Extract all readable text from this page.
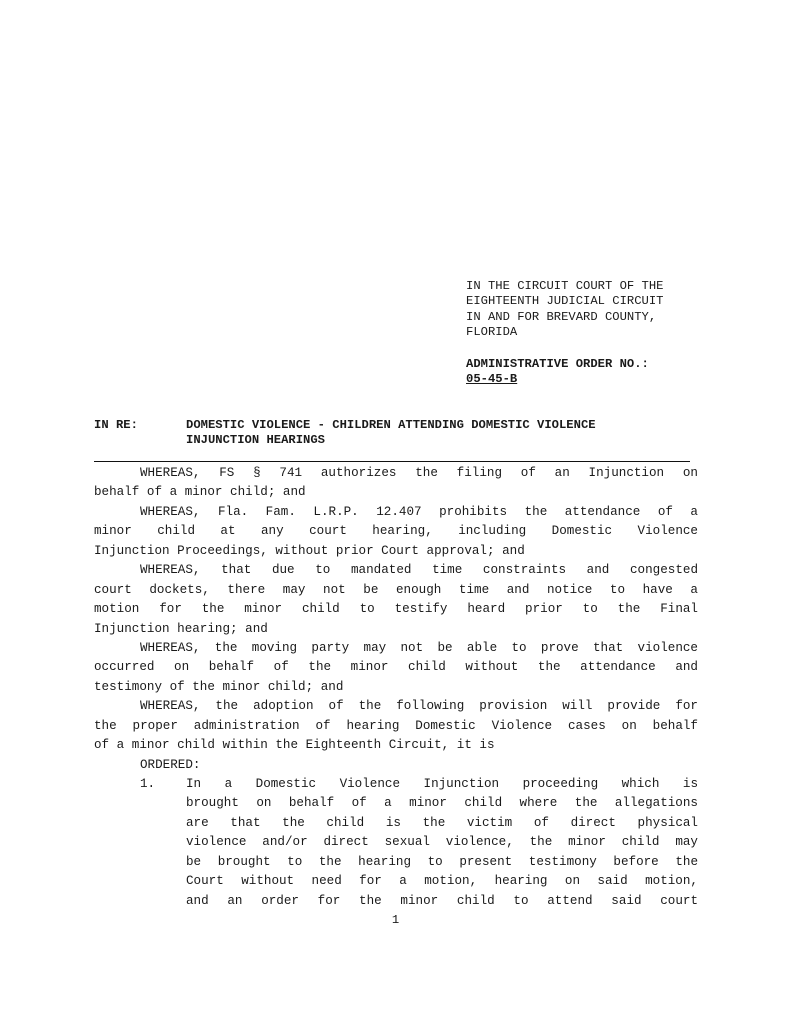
IN THE CIRCUIT COURT OF THE
EIGHTEENTH JUDICIAL CIRCUIT
IN AND FOR BREVARD COUNTY,
FLORIDA
ADMINISTRATIVE ORDER NO.:
05-45-B
IN RE:	DOMESTIC VIOLENCE - CHILDREN ATTENDING DOMESTIC VIOLENCE
INJUNCTION HEARINGS
WHEREAS, FS § 741 authorizes the filing of an Injunction on
behalf of a minor child; and
WHEREAS, Fla. Fam. L.R.P. 12.407 prohibits the attendance of a
minor child at any court hearing, including Domestic Violence
Injunction Proceedings, without prior Court approval; and
WHEREAS, that due to mandated time constraints and congested
court dockets, there may not be enough time and notice to have a
motion for the minor child to testify heard prior to the Final
Injunction hearing; and
WHEREAS, the moving party may not be able to prove that violence
occurred on behalf of the minor child without the attendance and
testimony of the minor child; and
WHEREAS, the adoption of the following provision will provide for
the proper administration of hearing Domestic Violence cases on behalf
of a minor child within the Eighteenth Circuit, it is
ORDERED:
1.	In a Domestic Violence Injunction proceeding which is
brought on behalf of a minor child where the allegations
are that the child is the victim of direct physical
violence and/or direct sexual violence, the minor child may
be brought to the hearing to present testimony before the
Court without need for a motion, hearing on said motion,
and an order for the minor child to attend said court
1
